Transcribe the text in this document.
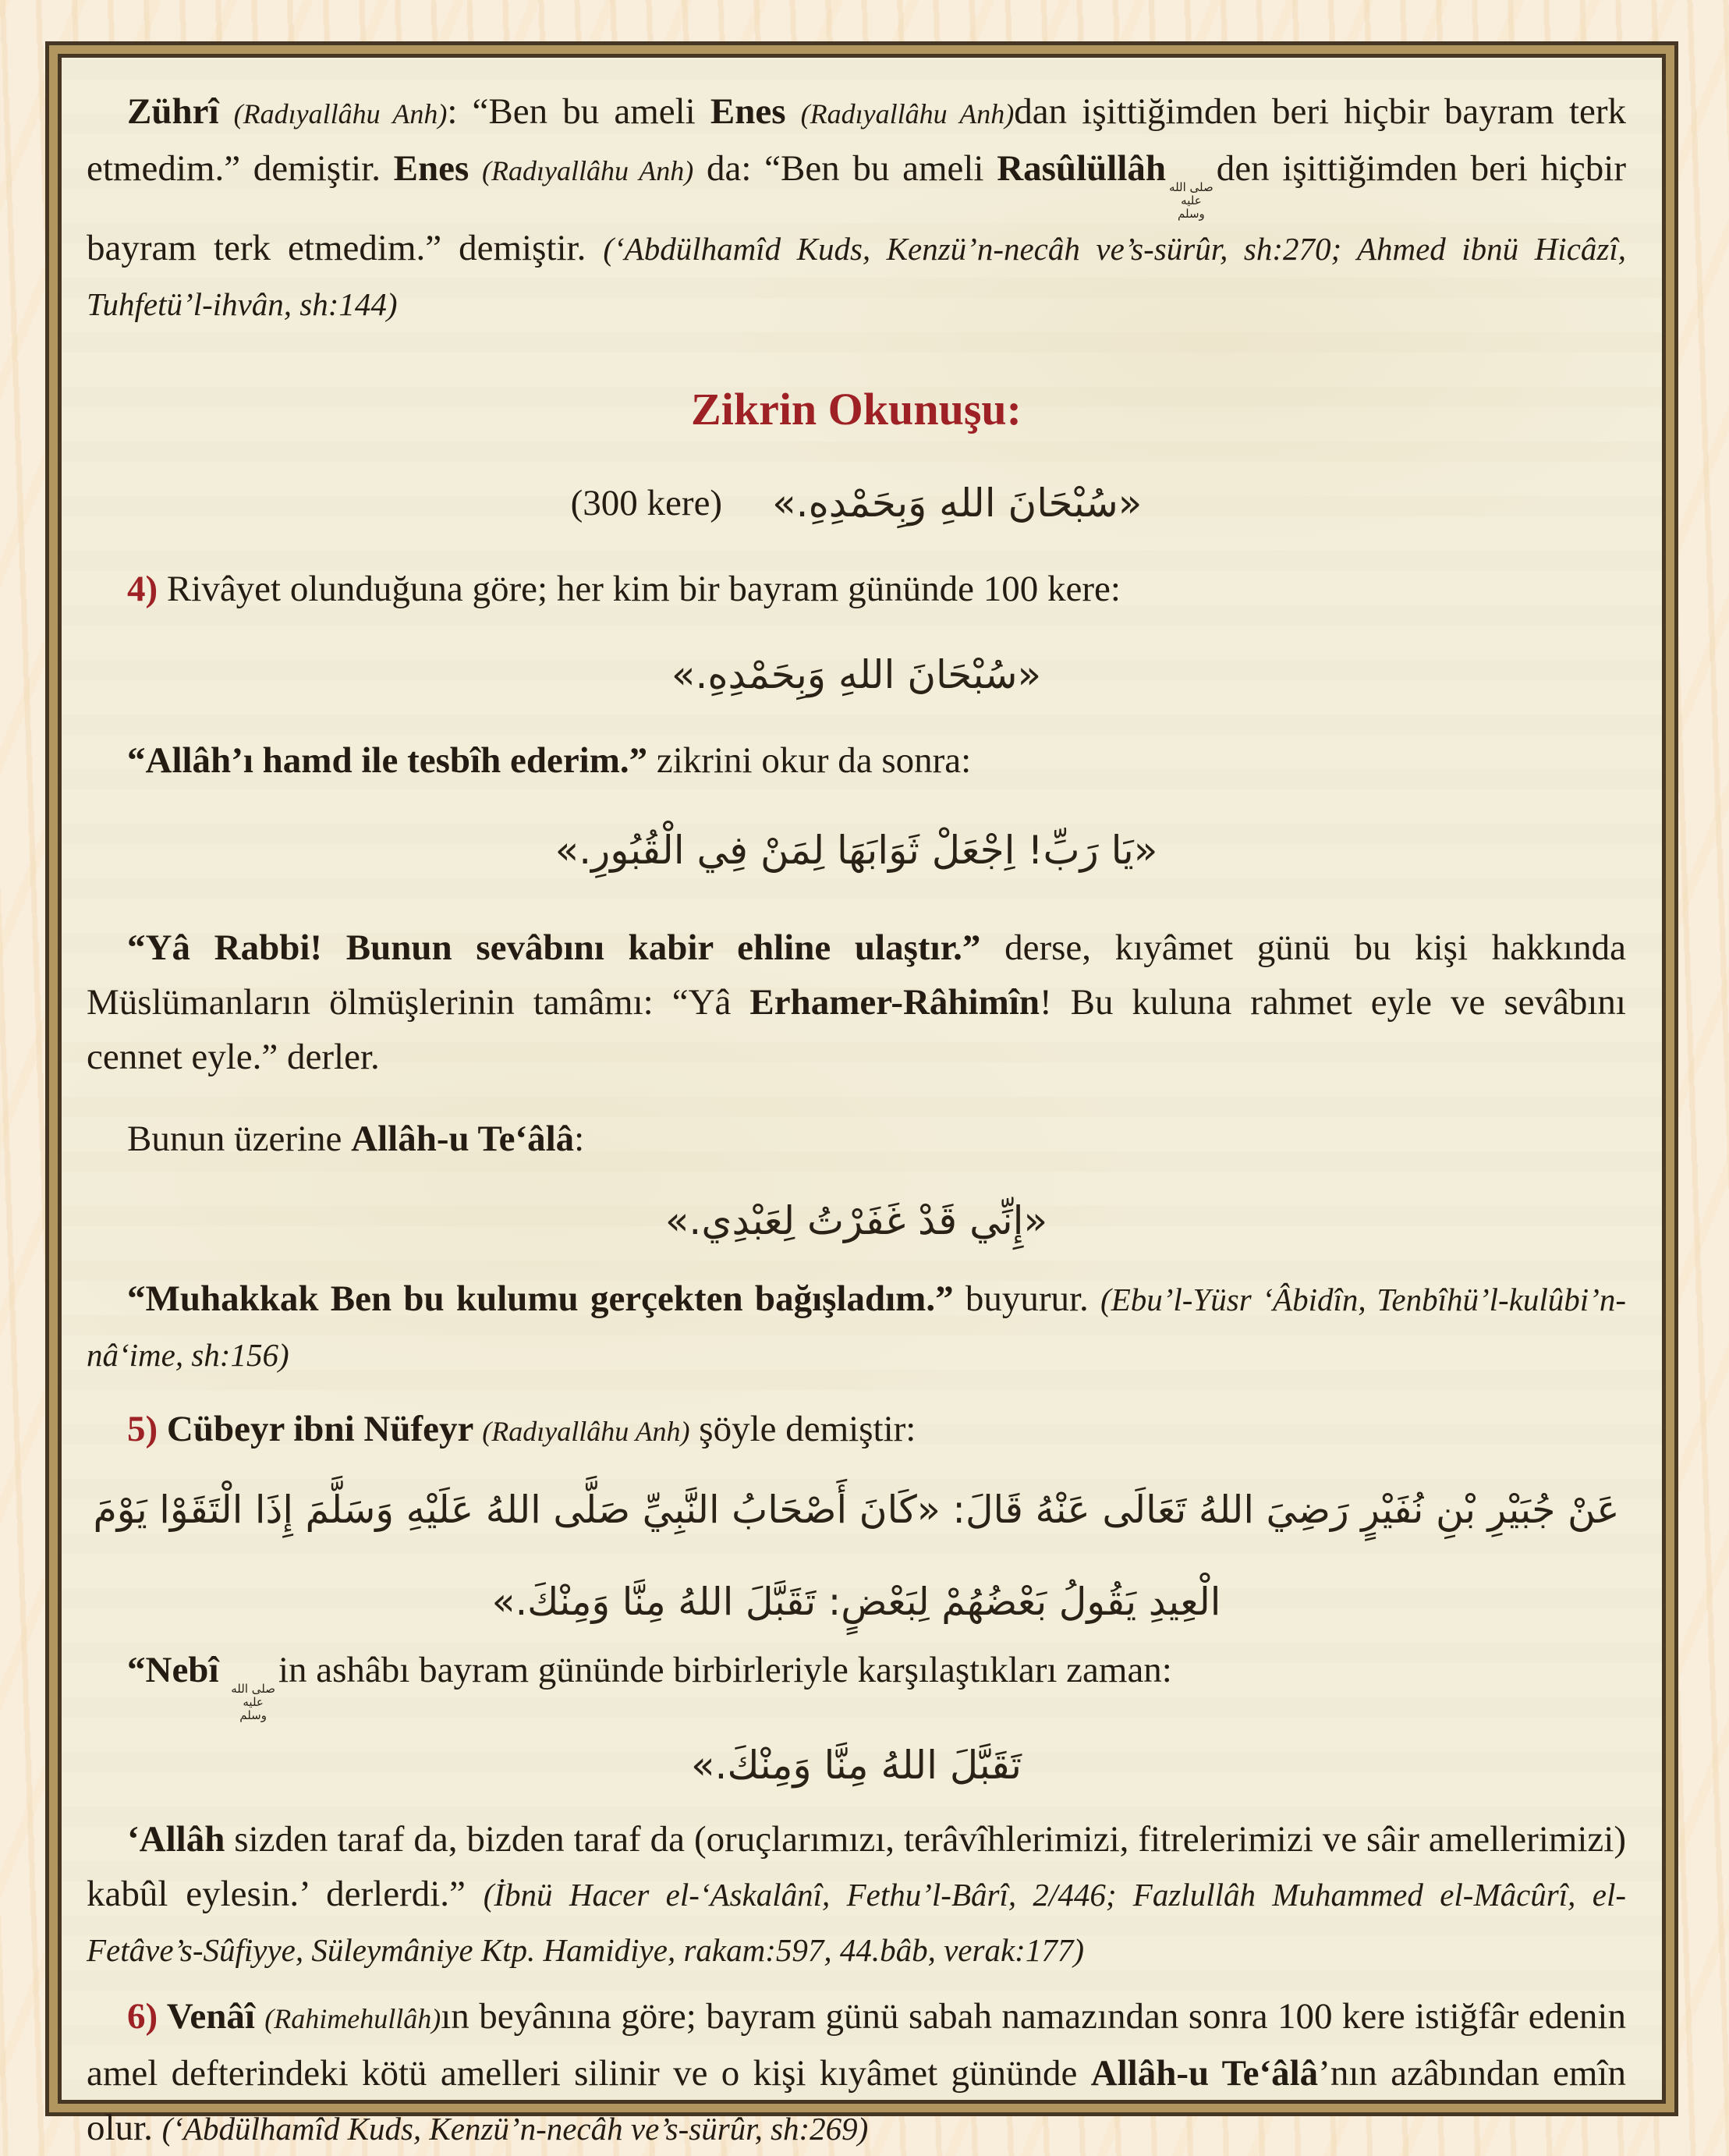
Zührî (Radıyallâhu Anh): “Ben bu ameli Enes (Radıyallâhu Anh)dan işittiğimden beri hiçbir bayram terk etmedim.” demiştir. Enes (Radıyallâhu Anh) da: “Ben bu ameli Rasûlüllâh صلى الله
عليه
وسلم
den işittiğimden beri hiçbir bayram terk etmedim.” demiştir. (‘Abdülhamîd Kuds, Kenzü’n-necâh ve’s-sürûr, sh:270; Ahmed ibnü Hicâzî, Tuhfetü’l-ihvân, sh:144)

Zikrin Okunuşu:
(300 kere) «سُبْحَانَ اللهِ وَبِحَمْدِهِ.»

4) Rivâyet olunduğuna göre; her kim bir bayram gününde 100 kere:

«سُبْحَانَ اللهِ وَبِحَمْدِهِ.»

“Allâh’ı hamd ile tesbîh ederim.” zikrini okur da sonra:

«يَا رَبِّ! اِجْعَلْ ثَوَابَهَا لِمَنْ فِي الْقُبُورِ.»

“Yâ Rabbi! Bunun sevâbını kabir ehline ulaştır.” derse, kıyâmet günü bu kişi hakkında Müslümanların ölmüşlerinin tamâmı: “Yâ Erhamer-Râhimîn! Bu kuluna rahmet eyle ve sevâbını cennet eyle.” derler.

Bunun üzerine Allâh-u Te‘âlâ:

«إِنِّي قَدْ غَفَرْتُ لِعَبْدِي.»

“Muhakkak Ben bu kulumu gerçekten bağışladım.” buyurur. (Ebu’l-Yüsr ‘Âbidîn, Tenbîhü’l-kulûbi’n-nâ‘ime, sh:156)

5) Cübeyr ibni Nüfeyr (Radıyallâhu Anh) şöyle demiştir:

عَنْ جُبَيْرِ بْنِ نُفَيْرٍ رَضِيَ اللهُ تَعَالَى عَنْهُ قَالَ: «كَانَ أَصْحَابُ النَّبِيِّ صَلَّى اللهُ عَلَيْهِ وَسَلَّمَ إِذَا الْتَقَوْا يَوْمَ
الْعِيدِ يَقُولُ بَعْضُهُمْ لِبَعْضٍ: تَقَبَّلَ اللهُ مِنَّا وَمِنْكَ.»

“Nebî صلى الله
عليه
وسلم
in ashâbı bayram gününde birbirleriyle karşılaştıkları zaman:

تَقَبَّلَ اللهُ مِنَّا وَمِنْكَ.»

‘Allâh sizden taraf da, bizden taraf da (oruçlarımızı, terâvîhlerimizi, fitrelerimizi ve sâir amellerimizi) kabûl eylesin.’ derlerdi.” (İbnü Hacer el-‘Askalânî, Fethu’l-Bârî, 2/446; Fazlullâh Muhammed el-Mâcûrî, el-Fetâve’s-Sûfiyye, Süleymâniye Ktp. Hamidiye, rakam:597, 44.bâb, verak:177)

6) Venâî (Rahimehullâh)ın beyânına göre; bayram günü sabah namazından sonra 100 kere istiğfâr edenin amel defterindeki kötü amelleri silinir ve o kişi kıyâmet gününde Allâh-u Te‘âlâ’nın azâbından emîn olur. (‘Abdülhamîd Kuds, Kenzü’n-necâh ve’s-sürûr, sh:269)
